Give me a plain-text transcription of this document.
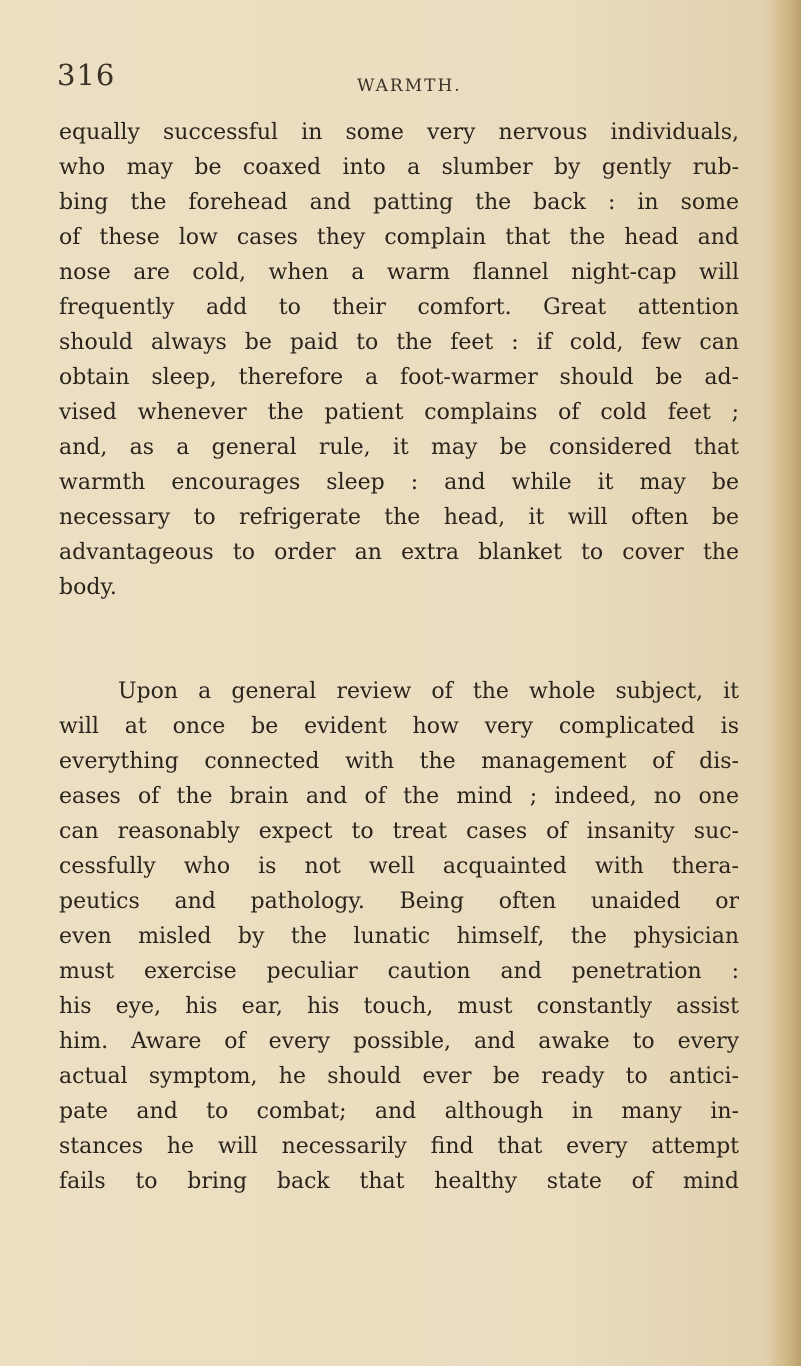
316	WARMTH.

equally successful in some very nervous individuals,
who may be coaxed into a slumber by gently rub-
bing the forehead and patting the back : in some
of these low cases they complain that the head and
nose are cold, when a warm flannel night-cap will
frequently add to their comfort. Great attention
should always be paid to the feet : if cold, few can
obtain sleep, therefore a foot-warmer should be ad-
vised whenever the patient complains of cold feet ;
and, as a general rule, it may be considered that
warmth encourages sleep : and while it may be
necessary to refrigerate the head, it will often be
advantageous to order an extra blanket to cover the
body.

Upon a general review of the whole subject, it
will at once be evident how very complicated is
everything connected with the management of dis-
eases of the brain and of the mind ; indeed, no one
can reasonably expect to treat cases of insanity suc-
cessfully who is not well acquainted with thera-
peutics and pathology. Being often unaided or
even misled by the lunatic himself, the physician
must exercise peculiar caution and penetration :
his eye, his ear, his touch, must constantly assist
him. Aware of every possible, and awake to every
actual symptom, he should ever be ready to antici-
pate and to combat; and although in many in-
stances he will necessarily find that every attempt
fails to bring back that healthy state of mind
